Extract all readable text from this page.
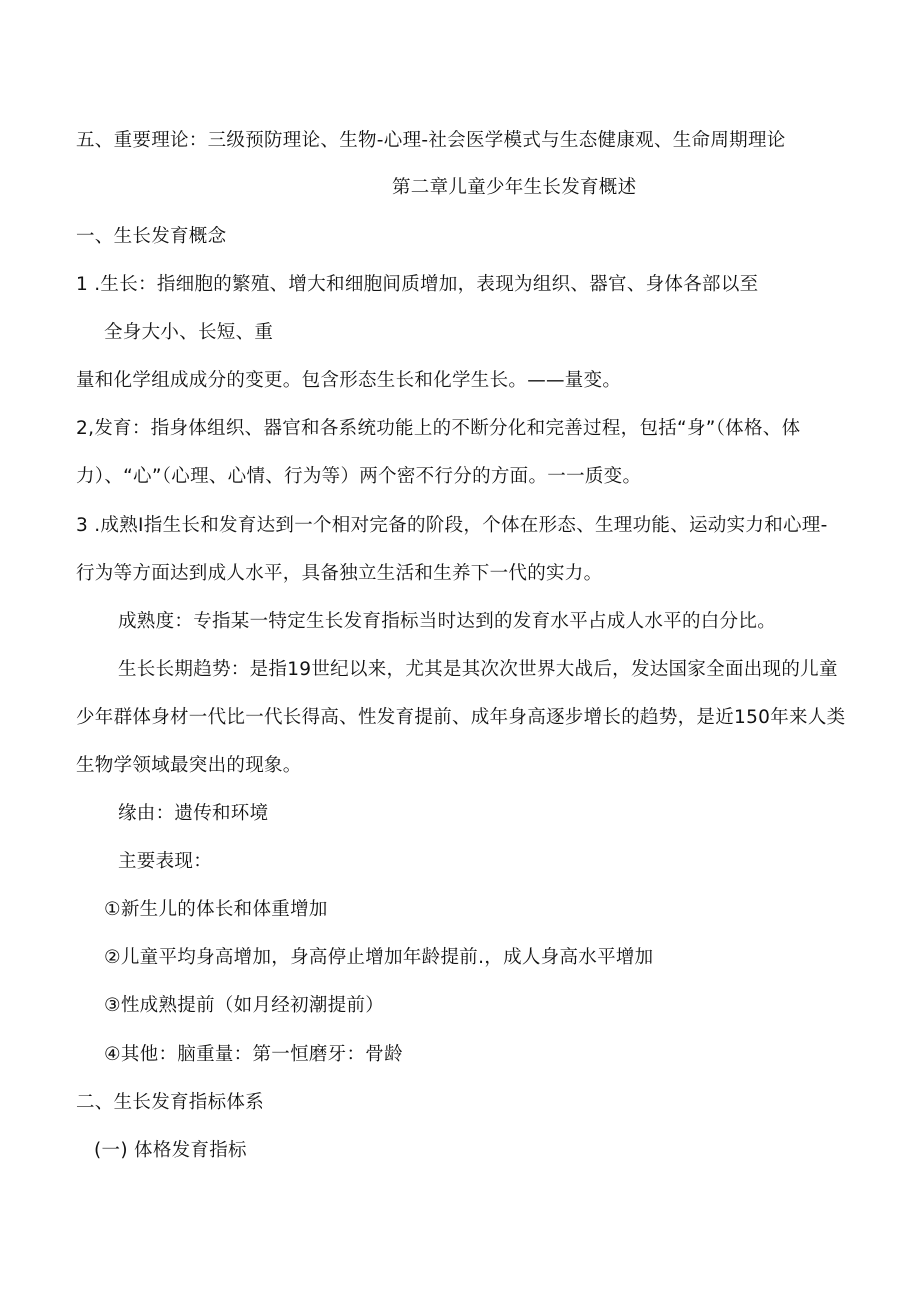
五、重要理论：三级预防理论、生物-心理-社会医学模式与生态健康观、生命周期理论
第二章儿童少年生长发育概述
一、生长发育概念
1 .生长：指细胞的繁殖、增大和细胞间质增加，表现为组织、器官、身体各部以至
全身大小、长短、重
量和化学组成成分的变更。包含形态生长和化学生长。——量变。
2,发育：指身体组织、器官和各系统功能上的不断分化和完善过程，包括“身”（体格、体
力）、“心”（心理、心情、行为等）两个密不行分的方面。一一质变。
3 .成熟I指生长和发育达到一个相对完备的阶段，个体在形态、生理功能、运动实力和心理-
行为等方面达到成人水平，具备独立生活和生养下一代的实力。
成熟度：专指某一特定生长发育指标当时达到的发育水平占成人水平的白分比。
生长长期趋势：是指19世纪以来，尤其是其次次世界大战后，发达国家全面出现的儿童
少年群体身材一代比一代长得高、性发育提前、成年身高逐步增长的趋势，是近150年来人类
生物学领域最突出的现象。
缘由：遗传和环境
主要表现：
①新生儿的体长和体重增加
②儿童平均身高增加，身高停止增加年龄提前.，成人身高水平增加
③性成熟提前（如月经初潮提前）
④其他：脑重量：第一恒磨牙：骨龄
二、生长发育指标体系
(一) 体格发育指标
